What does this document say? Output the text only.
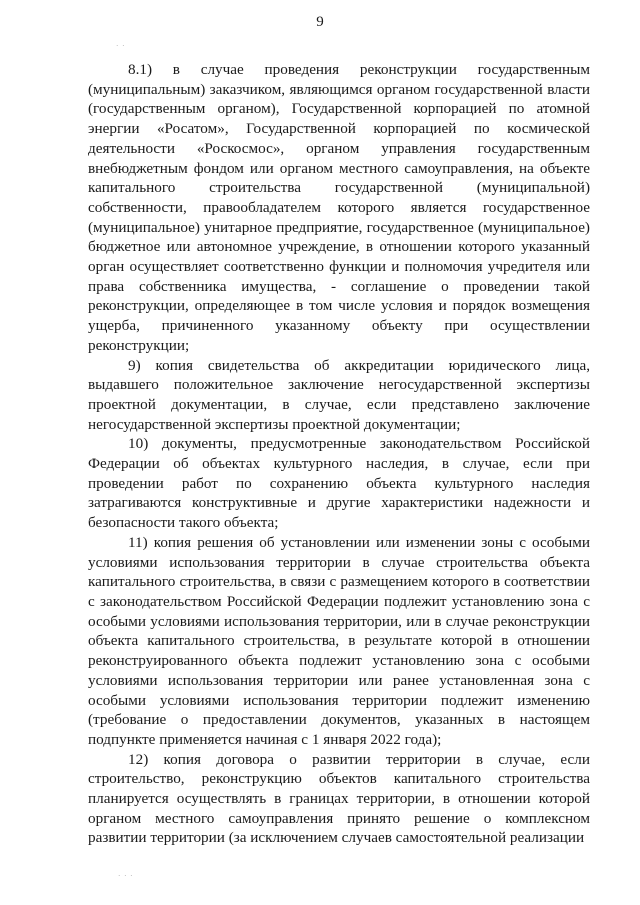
9
· ·

8.1) в случае проведения реконструкции государственным (муниципальным) заказчиком, являющимся органом государственной власти (государственным органом), Государственной корпорацией по атомной энергии «Росатом», Государственной корпорацией по космической деятельности «Роскосмос», органом управления государственным внебюджетным фондом или органом местного самоуправления, на объекте капитального строительства государственной (муниципальной) собственности, правообладателем которого является государственное (муниципальное) унитарное предприятие, государственное (муниципальное) бюджетное или автономное учреждение, в отношении которого указанный орган осуществляет соответственно функции и полномочия учредителя или права собственника имущества, - соглашение о проведении такой реконструкции, определяющее в том числе условия и порядок возмещения ущерба, причиненного указанному объекту при осуществлении реконструкции;

9) копия свидетельства об аккредитации юридического лица, выдавшего положительное заключение негосударственной экспертизы проектной документации, в случае, если представлено заключение негосударственной экспертизы проектной документации;

10) документы, предусмотренные законодательством Российской Федерации об объектах культурного наследия, в случае, если при проведении работ по сохранению объекта культурного наследия затрагиваются конструктивные и другие характеристики надежности и безопасности такого объекта;

11) копия решения об установлении или изменении зоны с особыми условиями использования территории в случае строительства объекта капитального строительства, в связи с размещением которого в соответствии с законодательством Российской Федерации подлежит установлению зона с особыми условиями использования территории, или в случае реконструкции объекта капитального строительства, в результате которой в отношении реконструированного объекта подлежит установлению зона с особыми условиями использования территории или ранее установленная зона с особыми условиями использования территории подлежит изменению (требование о предоставлении документов, указанных в настоящем подпункте применяется начиная с 1 января 2022 года);

12) копия договора о развитии территории в случае, если строительство, реконструкцию объектов капитального строительства планируется осуществлять в границах территории, в отношении которой органом местного самоуправления принято решение о комплексном развитии территории (за исключением случаев самостоятельной реализации

· · ·
